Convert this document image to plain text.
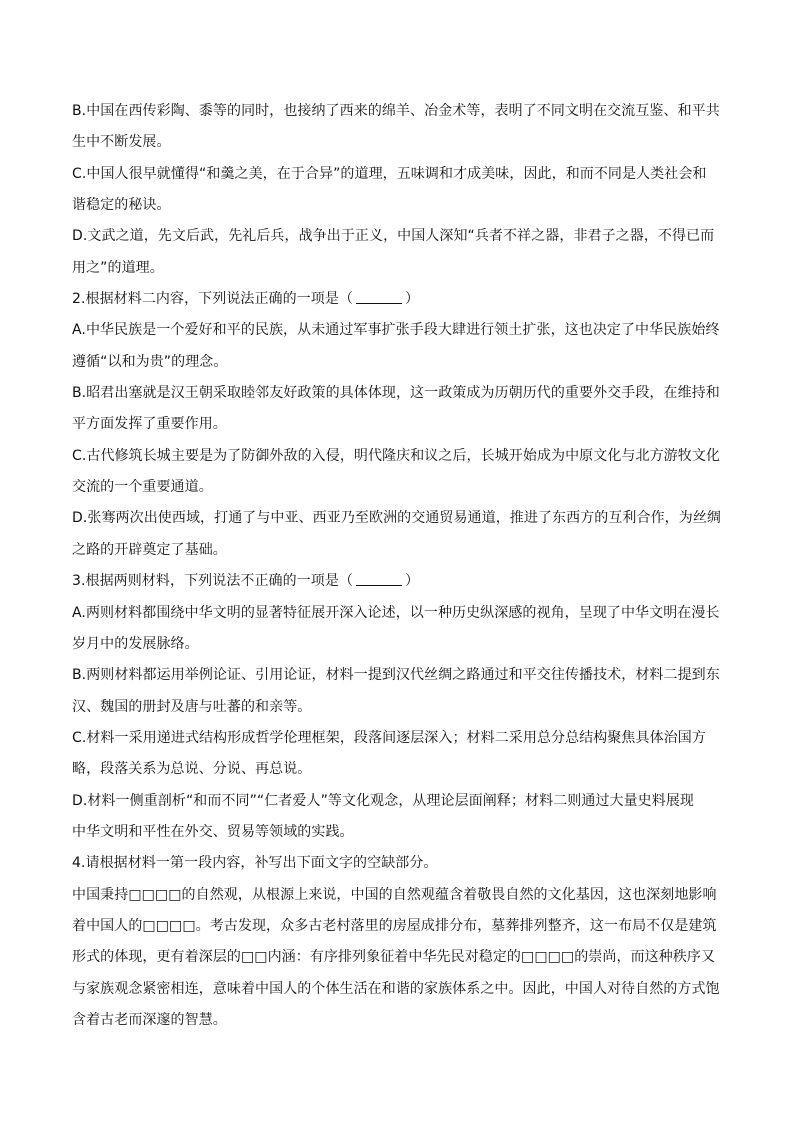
B.中国在西传彩陶、黍等的同时，也接纳了西来的绵羊、冶金术等，表明了不同文明在交流互鉴、和平共
生中不断发展。
C.中国人很早就懂得“和羹之美，在于合异”的道理，五味调和才成美味，因此，和而不同是人类社会和
谐稳定的秘诀。
D.文武之道，先文后武，先礼后兵，战争出于正义，中国人深知“兵者不祥之器，非君子之器，不得已而
用之”的道理。
2.根据材料二内容，下列说法正确的一项是（	）
A.中华民族是一个爱好和平的民族，从未通过军事扩张手段大肆进行领土扩张，这也决定了中华民族始终
遵循“以和为贵”的理念。
B.昭君出塞就是汉王朝采取睦邻友好政策的具体体现，这一政策成为历朝历代的重要外交手段，在维持和
平方面发挥了重要作用。
C.古代修筑长城主要是为了防御外敌的入侵，明代隆庆和议之后，长城开始成为中原文化与北方游牧文化
交流的一个重要通道。
D.张骞两次出使西域，打通了与中亚、西亚乃至欧洲的交通贸易通道，推进了东西方的互利合作，为丝绸
之路的开辟奠定了基础。
3.根据两则材料，下列说法不正确的一项是（	）
A.两则材料都围绕中华文明的显著特征展开深入论述，以一种历史纵深感的视角，呈现了中华文明在漫长
岁月中的发展脉络。
B.两则材料都运用举例论证、引用论证，材料一提到汉代丝绸之路通过和平交往传播技术，材料二提到东
汉、魏国的册封及唐与吐蕃的和亲等。
C.材料一采用递进式结构形成哲学伦理框架，段落间逐层深入；材料二采用总分总结构聚焦具体治国方
略，段落关系为总说、分说、再总说。
D.材料一侧重剖析“和而不同”“仁者爱人”等文化观念，从理论层面阐释；材料二则通过大量史料展现
中华文明和平性在外交、贸易等领域的实践。
4.请根据材料一第一段内容，补写出下面文字的空缺部分。
中国秉持□□□□的自然观，从根源上来说，中国的自然观蕴含着敬畏自然的文化基因，这也深刻地影响
着中国人的□□□□。考古发现，众多古老村落里的房屋成排分布，墓葬排列整齐，这一布局不仅是建筑
形式的体现，更有着深层的□□内涵：有序排列象征着中华先民对稳定的□□□□的崇尚，而这种秩序又
与家族观念紧密相连，意味着中国人的个体生活在和谐的家族体系之中。因此，中国人对待自然的方式饱
含着古老而深邃的智慧。
